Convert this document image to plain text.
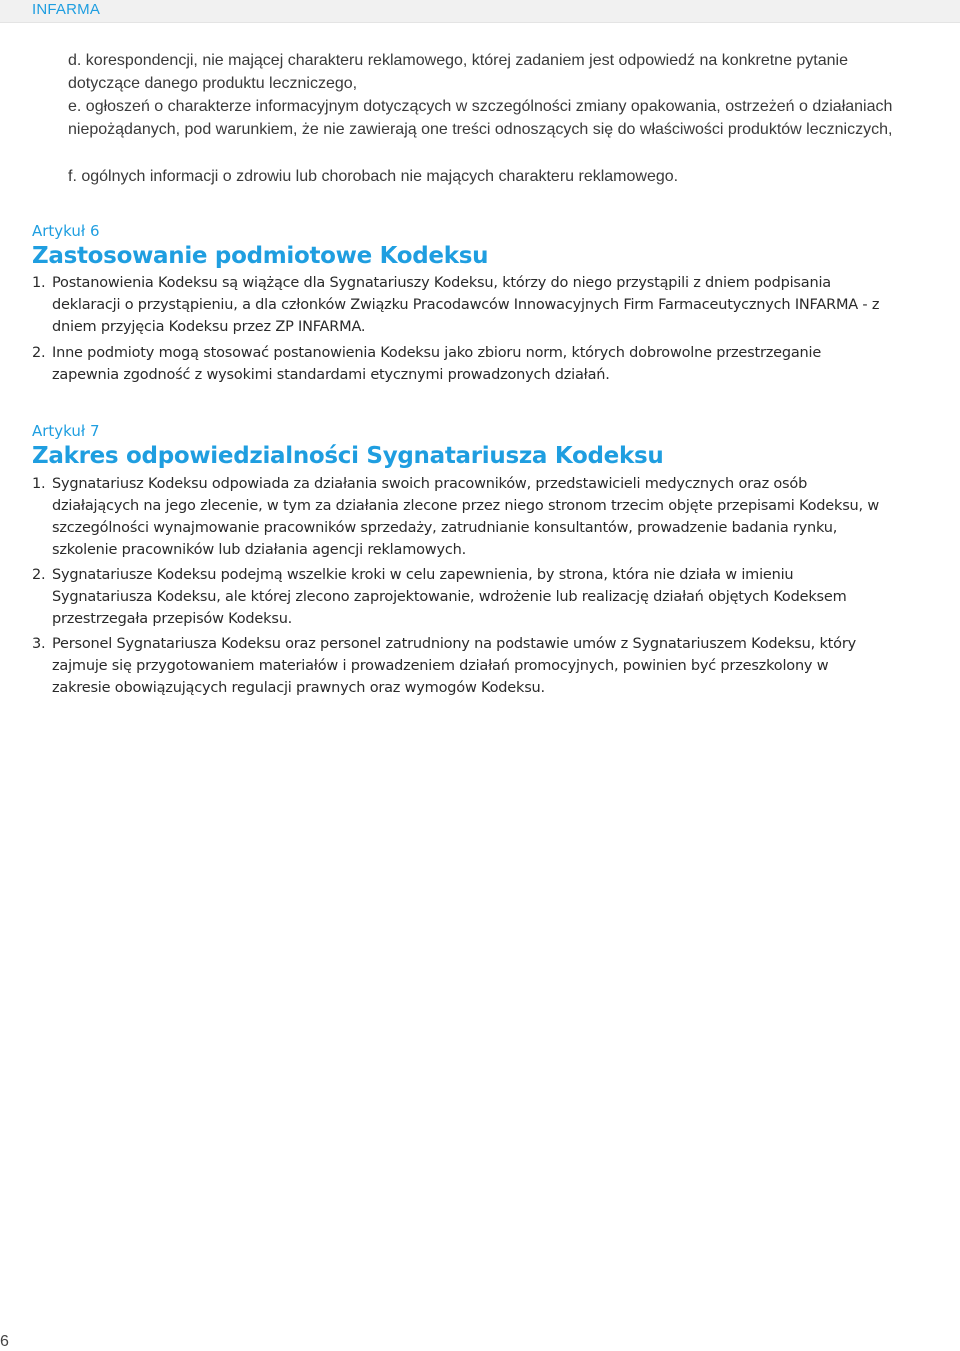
INFARMA
d. korespondencji, nie mającej charakteru reklamowego, której zadaniem jest odpowiedź na konkretne pytanie dotyczące danego produktu leczniczego,
e. ogłoszeń o charakterze informacyjnym dotyczących w szczególności zmiany opakowania, ostrzeżeń o działaniach niepożądanych, pod warunkiem, że nie zawierają one treści odnoszących się do właściwości produktów leczniczych,
f. ogólnych informacji o zdrowiu lub chorobach nie mających charakteru reklamowego.
Artykuł 6
Zastosowanie podmiotowe Kodeksu
1. Postanowienia Kodeksu są wiążące dla Sygnatariuszy Kodeksu, którzy do niego przystąpili z dniem podpisania deklaracji o przystąpieniu, a dla członków Związku Pracodawców Innowacyjnych Firm Farmaceutycznych INFARMA - z dniem przyjęcia Kodeksu przez ZP INFARMA.
2. Inne podmioty mogą stosować postanowienia Kodeksu jako zbioru norm, których dobrowolne przestrzeganie zapewnia zgodność z wysokimi standardami etycznymi prowadzonych działań.
Artykuł 7
Zakres odpowiedzialności Sygnatariusza Kodeksu
1. Sygnatariusz Kodeksu odpowiada za działania swoich pracowników, przedstawicieli medycznych oraz osób działających na jego zlecenie, w tym za działania zlecone przez niego stronom trzecim objęte przepisami Kodeksu, w szczególności wynajmowanie pracowników sprzedaży, zatrudnianie konsultantów, prowadzenie badania rynku, szkolenie pracowników lub działania agencji reklamowych.
2. Sygnatariusze Kodeksu podejmą wszelkie kroki w celu zapewnienia, by strona, która nie działa w imieniu Sygnatariusza Kodeksu, ale której zlecono zaprojektowanie, wdrożenie lub realizację działań objętych Kodeksem przestrzegała przepisów Kodeksu.
3. Personel Sygnatariusza Kodeksu oraz personel zatrudniony na podstawie umów z Sygnatariuszem Kodeksu, który zajmuje się przygotowaniem materiałów i prowadzeniem działań promocyjnych, powinien być przeszkolony w zakresie obowiązujących regulacji prawnych oraz wymogów Kodeksu.
6
